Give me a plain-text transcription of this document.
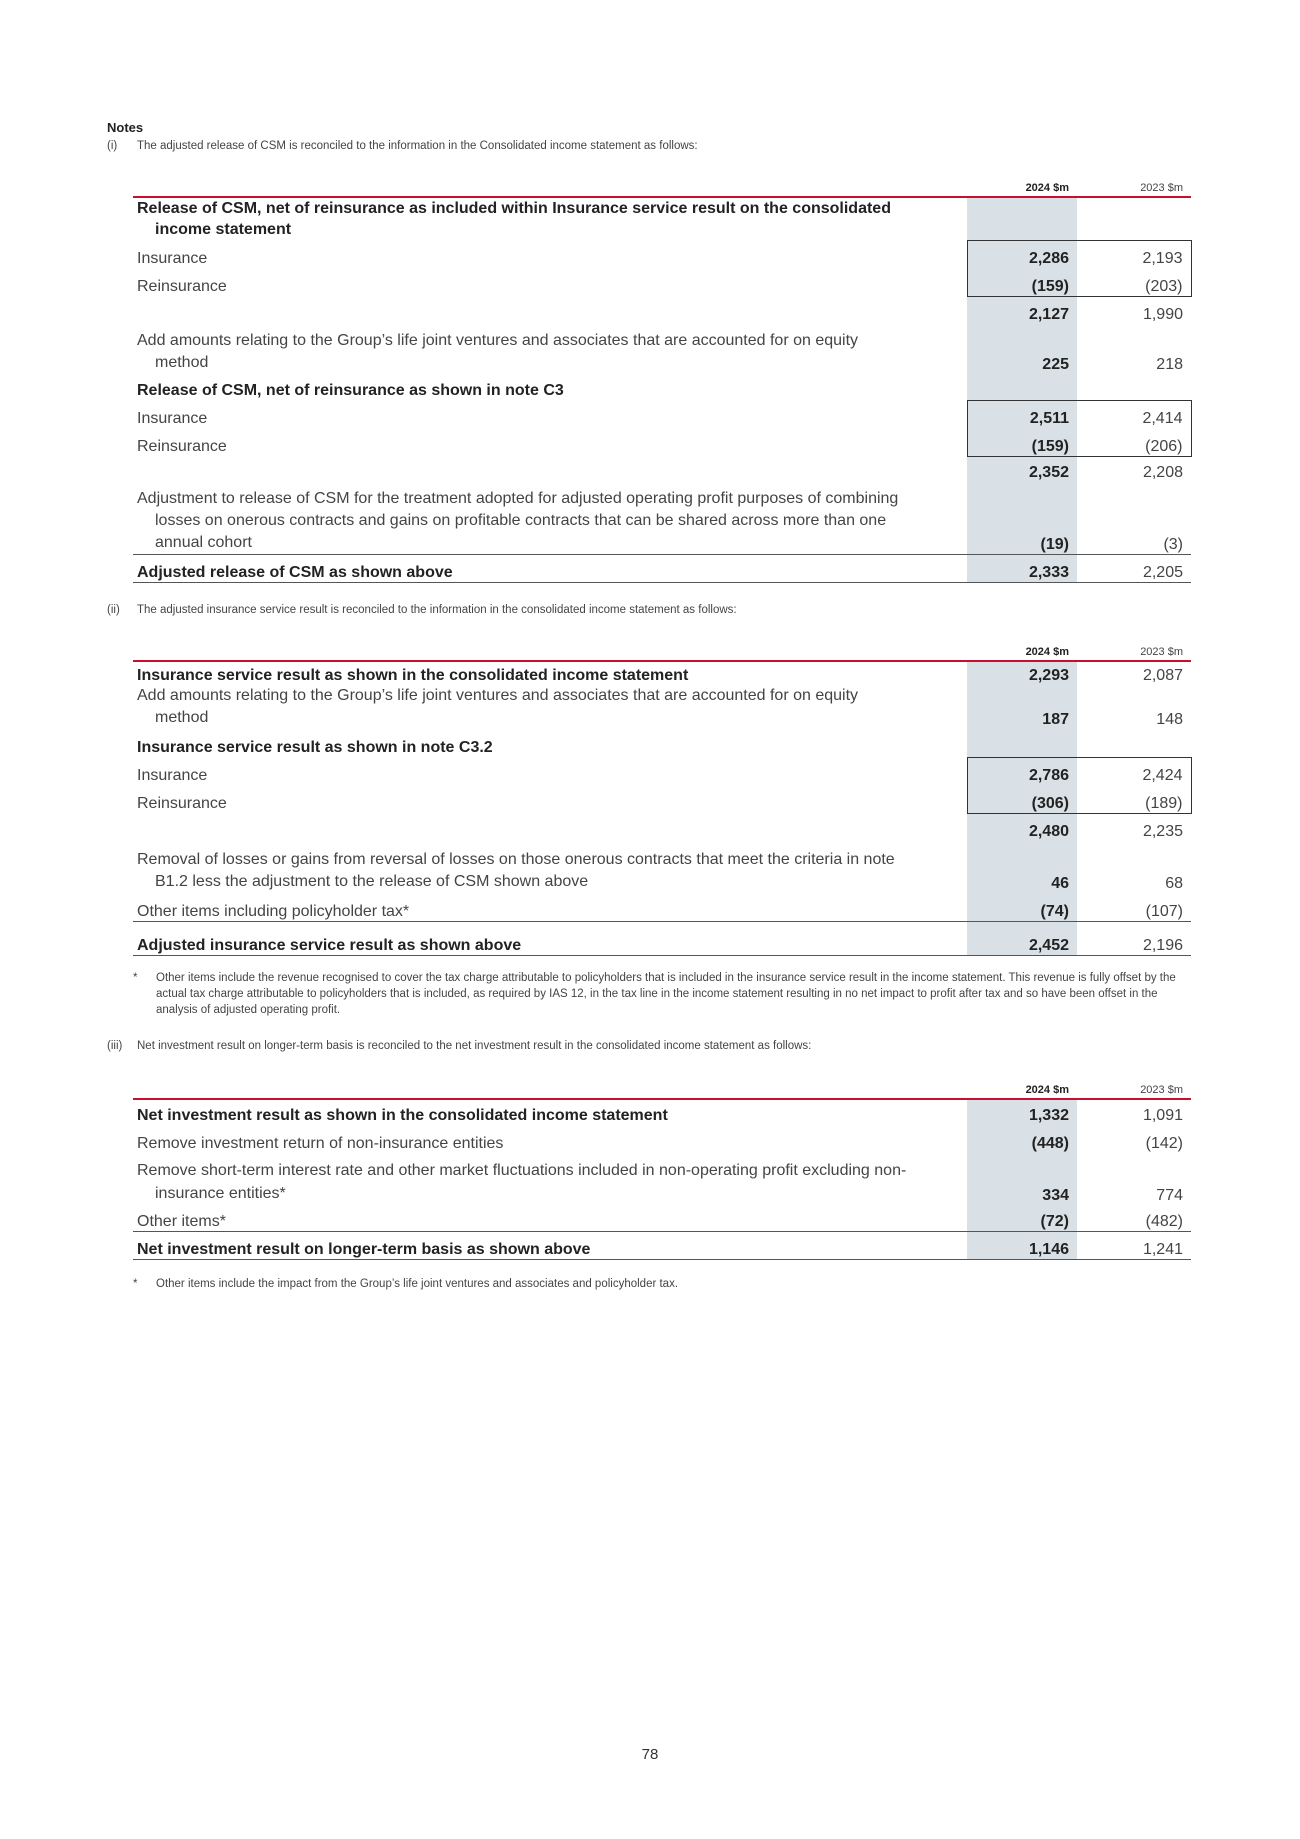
Notes
(i) The adjusted release of CSM is reconciled to the information in the Consolidated income statement as follows:
	2024 $m	2023 $m
Release of CSM, net of reinsurance as included within Insurance service result on the consolidated
income statement		

Insurance	2,286	2,193
Reinsurance	(159)	(203)
	2,127	1,990
Add amounts relating to the Group’s life joint ventures and associates that are accounted for on equity
method	225	218
Release of CSM, net of reinsurance as shown in note C3		
Insurance	2,511	2,414
Reinsurance	(159)	(206)
	2,352	2,208
Adjustment to release of CSM for the treatment adopted for adjusted operating profit purposes of combining
losses on onerous contracts and gains on profitable contracts that can be shared across more than one
annual cohort	(19)	(3)
Adjusted release of CSM as shown above	2,333	2,205
(ii) The adjusted insurance service result is reconciled to the information in the consolidated income statement as follows:
	2024 $m	2023 $m
Insurance service result as shown in the consolidated income statement	2,293	2,087
Add amounts relating to the Group’s life joint ventures and associates that are accounted for on equity
method	187	148
Insurance service result as shown in note C3.2		
Insurance	2,786	2,424
Reinsurance	(306)	(189)
	2,480	2,235
Removal of losses or gains from reversal of losses on those onerous contracts that meet the criteria in note
B1.2 less the adjustment to the release of CSM shown above	46	68
Other items including policyholder tax*	(74)	(107)
Adjusted insurance service result as shown above	2,452	2,196
*	Other items include the revenue recognised to cover the tax charge attributable to policyholders that is included in the insurance service result in the income statement. This revenue is fully offset by the actual tax charge attributable to policyholders that is included, as required by IAS 12, in the tax line in the income statement resulting in no net impact to profit after tax and so have been offset in the analysis of adjusted operating profit.
(iii) Net investment result on longer-term basis is reconciled to the net investment result in the consolidated income statement as follows:
	2024 $m	2023 $m
Net investment result as shown in the consolidated income statement	1,332	1,091
Remove investment return of non-insurance entities	(448)	(142)
Remove short-term interest rate and other market fluctuations included in non-operating profit excluding non-
insurance entities*	334	774
Other items*	(72)	(482)
Net investment result on longer-term basis as shown above	1,146	1,241
*	Other items include the impact from the Group’s life joint ventures and associates and policyholder tax.
78
